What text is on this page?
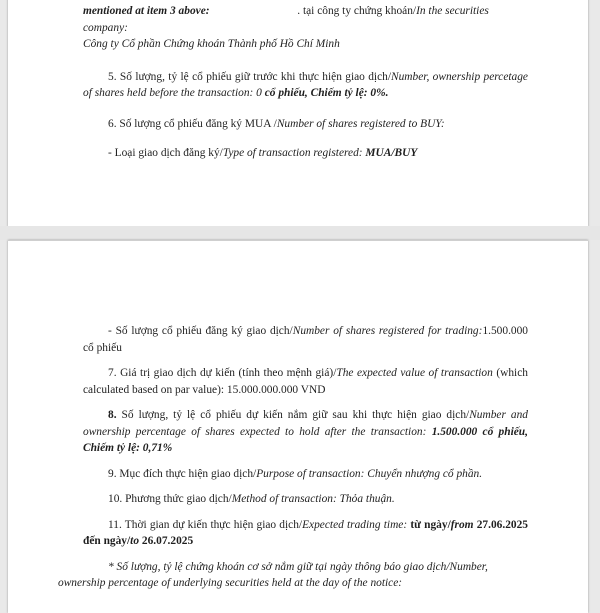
mentioned at item 3 above:	. tại công ty chứng khoán/In the securities company:

Công ty Cổ phần Chứng khoán Thành phố Hồ Chí Minh

5. Số lượng, tỷ lệ cổ phiếu giữ trước khi thực hiện giao dịch/Number, ownership percetage of shares held before the transaction: 0 cổ phiếu, Chiếm tỷ lệ: 0%.

6. Số lượng cổ phiếu đăng ký MUA /Number of shares registered to BUY:

- Loại giao dịch đăng ký/Type of transaction registered: MUA/BUY

- Số lượng cổ phiếu đăng ký giao dịch/Number of shares registered for trading:1.500.000 cổ phiếu

7. Giá trị giao dịch dự kiến (tính theo mệnh giá)/The expected value of transaction (which calculated based on par value): 15.000.000.000 VND

8. Số lượng, tỷ lệ cổ phiếu dự kiến nắm giữ sau khi thực hiện giao dịch/Number and ownership percentage of shares expected to hold after the transaction: 1.500.000 cổ phiếu, Chiếm tỷ lệ: 0,71%

9. Mục đích thực hiện giao dịch/Purpose of transaction: Chuyển nhượng cổ phần.

10. Phương thức giao dịch/Method of transaction: Thỏa thuận.

11. Thời gian dự kiến thực hiện giao dịch/Expected trading time: từ ngày/from 27.06.2025 đến ngày/to 26.07.2025

* Số lượng, tỷ lệ chứng khoán cơ sở nắm giữ tại ngày thông báo giao dịch/Number,
ownership percentage of underlying securities held at the day of the notice:
